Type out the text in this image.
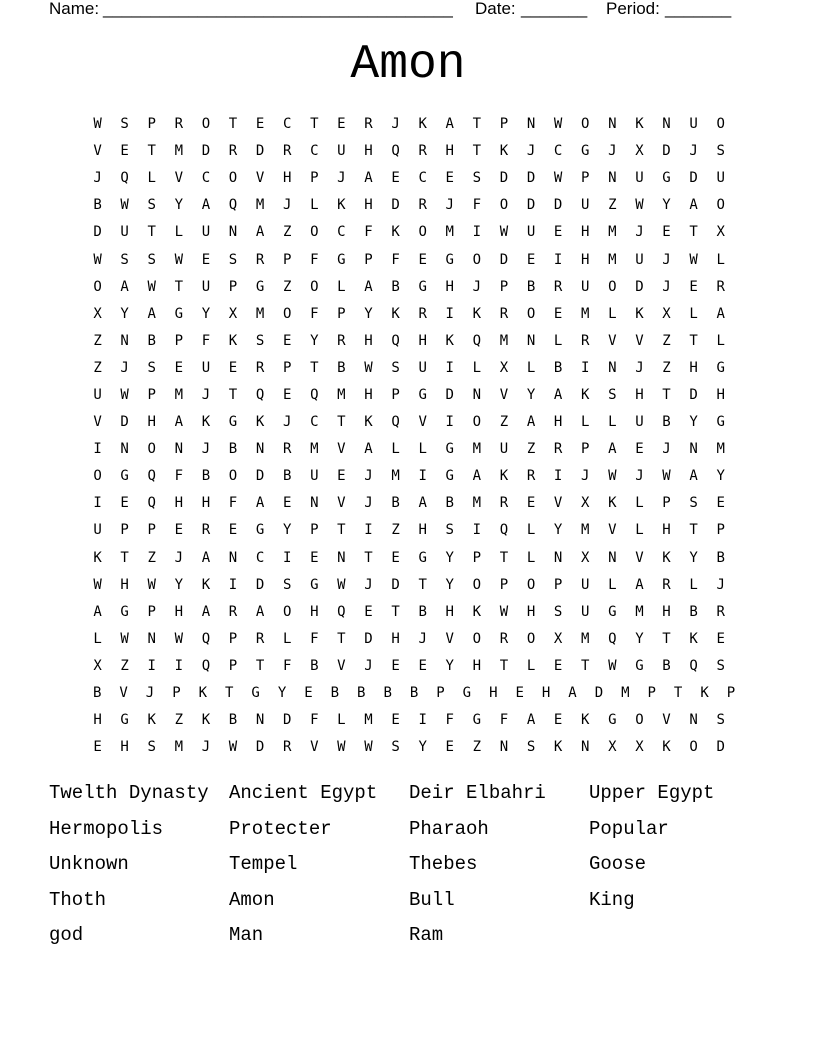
Name: _____________________________________ Date: _______ Period: _______
Amon
W	S	P	R	O	T	E	C	T	E	R	J	K	A	T	P	N	W	O	N	K	N	U	O
V	E	T	M	D	R	D	R	C	U	H	Q	R	H	T	K	J	C	G	J	X	D	J	S
J	Q	L	V	C	O	V	H	P	J	A	E	C	E	S	D	D	W	P	N	U	G	D	U
B	W	S	Y	A	Q	M	J	L	K	H	D	R	J	F	O	D	D	U	Z	W	Y	A	O
D	U	T	L	U	N	A	Z	O	C	F	K	O	M	I	W	U	E	H	M	J	E	T	X
W	S	S	W	E	S	R	P	F	G	P	F	E	G	O	D	E	I	H	M	U	J	W	L
O	A	W	T	U	P	G	Z	O	L	A	B	G	H	J	P	B	R	U	O	D	J	E	R
X	Y	A	G	Y	X	M	O	F	P	Y	K	R	I	K	R	O	E	M	L	K	X	L	A
Z	N	B	P	F	K	S	E	Y	R	H	Q	H	K	Q	M	N	L	R	V	V	Z	T	L
Z	J	S	E	U	E	R	P	T	B	W	S	U	I	L	X	L	B	I	N	J	Z	H	G
U	W	P	M	J	T	Q	E	Q	M	H	P	G	D	N	V	Y	A	K	S	H	T	D	H
V	D	H	A	K	G	K	J	C	T	K	Q	V	I	O	Z	A	H	L	L	U	B	Y	G
I	N	O	N	J	B	N	R	M	V	A	L	L	G	M	U	Z	R	P	A	E	J	N	M
O	G	Q	F	B	O	D	B	U	E	J	M	I	G	A	K	R	I	J	W	J	W	A	Y
I	E	Q	H	H	F	A	E	N	V	J	B	A	B	M	R	E	V	X	K	L	P	S	E
U	P	P	E	R	E	G	Y	P	T	I	Z	H	S	I	Q	L	Y	M	V	L	H	T	P
K	T	Z	J	A	N	C	I	E	N	T	E	G	Y	P	T	L	N	X	N	V	K	Y	B
W	H	W	Y	K	I	D	S	G	W	J	D	T	Y	O	P	O	P	U	L	A	R	L	J
A	G	P	H	A	R	A	O	H	Q	E	T	B	H	K	W	H	S	U	G	M	H	B	R
L	W	N	W	Q	P	R	L	F	T	D	H	J	V	O	R	O	X	M	Q	Y	T	K	E
X	Z	I	I	Q	P	T	F	B	V	J	E	E	Y	H	T	L	E	T	W	G	B	Q	S
B	V	J	P	K	T	G	Y	E	B	B	B	B	P	G	H	E	H	A	D	M	P	T	K	P
H	G	K	Z	K	B	N	D	F	L	M	E	I	F	G	F	A	E	K	G	O	V	N	S
E	H	S	M	J	W	D	R	V	W	W	S	Y	E	Z	N	S	K	N	X	X	K	O	D
Twelth Dynasty	Ancient Egypt	Deir Elbahri	Upper Egypt
Hermopolis	Protecter	Pharaoh	Popular
Unknown	Tempel	Thebes	Goose
Thoth	Amon	Bull	King
god	Man	Ram
